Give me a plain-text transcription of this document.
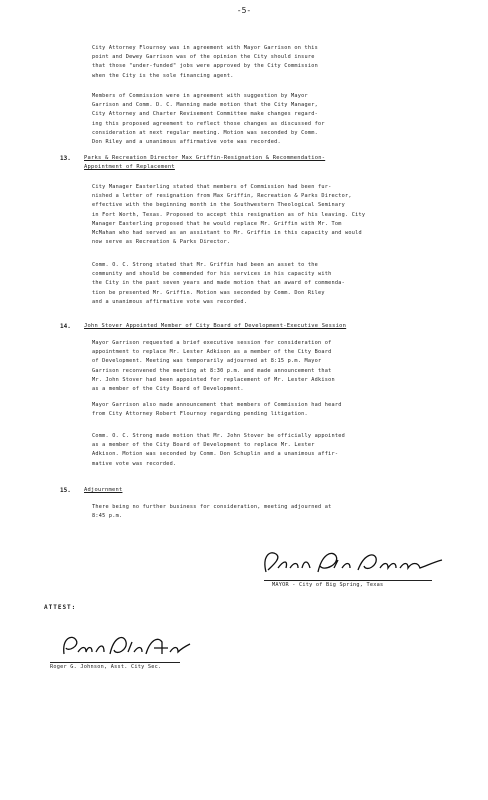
-5-
City Attorney Flournoy was in agreement with Mayor Garrison on this
point and Dewey Garrison was of the opinion the City should insure
that those "under-funded" jobs were approved by the City Commission
when the City is the sole financing agent.
Members of Commission were in agreement with suggestion by Mayor
Garrison and Comm. D. C. Manning made motion that the City Manager,
City Attorney and Charter Revisement Committee make changes regard-
ing this proposed agreement to reflect those changes as discussed for
consideration at next regular meeting. Motion was seconded by Comm.
Don Riley and a unanimous affirmative vote was recorded.
13. Parks & Recreation Director Max Griffin-Resignation & Recommendation-
Appointment of Replacement
City Manager Easterling stated that members of Commission had been fur-
nished a letter of resignation from Max Griffin, Recreation & Parks Director,
effective with the beginning month in the Southwestern Theological Seminary
in Fort Worth, Texas. Proposed to accept this resignation as of his leaving. City
Manager Easterling proposed that he would replace Mr. Griffin with Mr. Tom
McMahan who had served as an assistant to Mr. Griffin in this capacity and would
now serve as Recreation & Parks Director.
Comm. O. C. Strong stated that Mr. Griffin had been an asset to the
community and should be commended for his services in his capacity with
the City in the past seven years and made motion that an award of commenda-
tion be presented Mr. Griffin. Motion was seconded by Comm. Don Riley
and a unanimous affirmative vote was recorded.
14. John Stover Appointed Member of City Board of Development-Executive Session
Mayor Garrison requested a brief executive session for consideration of
appointment to replace Mr. Lester Adkison as a member of the City Board
of Development. Meeting was temporarily adjourned at 8:15 p.m. Mayor
Garrison reconvened the meeting at 8:30 p.m. and made announcement that
Mr. John Stover had been appointed for replacement of Mr. Lester Adkison
as a member of the City Board of Development.
Mayor Garrison also made announcement that members of Commission had heard
from City Attorney Robert Flournoy regarding pending litigation.
Comm. O. C. Strong made motion that Mr. John Stover be officially appointed
as a member of the City Board of Development to replace Mr. Lester
Adkison. Motion was seconded by Comm. Don Schuplin and a unanimous affir-
mative vote was recorded.
15. Adjournment
There being no further business for consideration, meeting adjourned at
8:45 p.m.
MAYOR - City of Big Spring, Texas
ATTEST:
Roger G. Johnson, Asst. City Sec.
